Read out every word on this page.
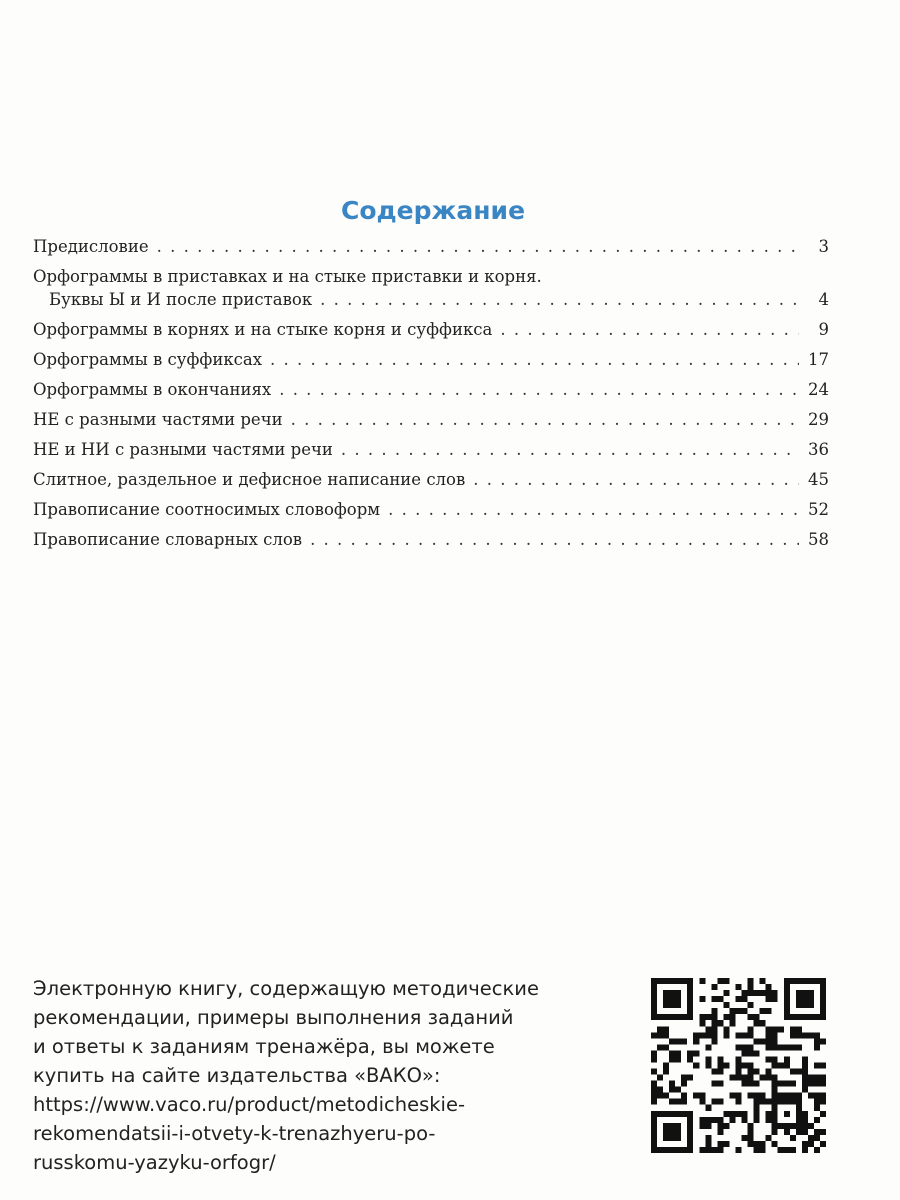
Содержание
Предисловие . . .	3
Орфограммы в приставках и на стыке приставки и корня.
Буквы Ы и И после приставок . . .	4
Орфограммы в корнях и на стыке корня и суффикса . . .	9
Орфограммы в суффиксах . . .	17
Орфограммы в окончаниях . . .	24
НЕ с разными частями речи . . .	29
НЕ и НИ с разными частями речи . . .	36
Слитное, раздельное и дефисное написание слов . . .	45
Правописание соотносимых словоформ . . .	52
Правописание словарных слов . . .	58
Электронную книгу, содержащую методические
рекомендации, примеры выполнения заданий
и ответы к заданиям тренажёра, вы можете
купить на сайте издательства «ВАКО»:
https://www.vaco.ru/product/metodicheskie-
rekomendatsii-i-otvety-k-trenazhyeru-po-
russkomu-yazyku-orfogr/
